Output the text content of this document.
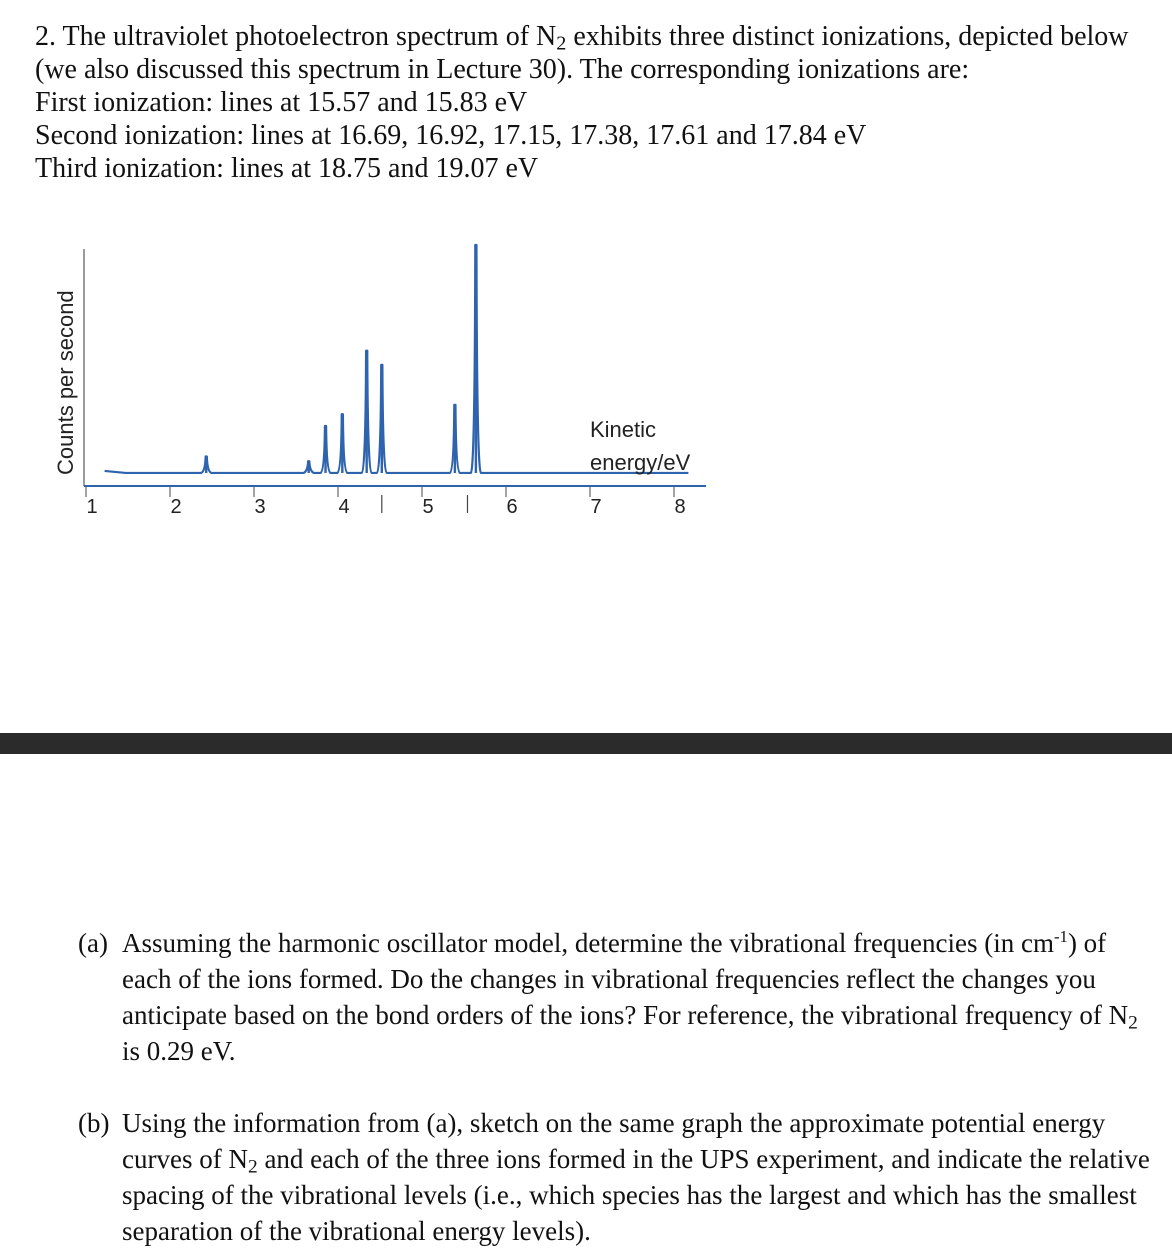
2. The ultraviolet photoelectron spectrum of $N_2$ exhibits three distinct ionizations, depicted below (we also discussed this spectrum in Lecture 30). The corresponding ionizations are:

First ionization: lines at 15.57 and 15.83 eV

Second ionization: lines at 16.69, 16.92, 17.15, 17.38, 17.61 and 17.84 eV

Third ionization: lines at 18.75 and 19.07 eV

Counts per second
1	2	3	4	5	6	7	8
Kinetic
energy/eV
(a) Assuming the harmonic oscillator model, determine the vibrational frequencies (in $cm^{-1}$) of each of the ions formed. Do the changes in vibrational frequencies reflect the changes you anticipate based on the bond orders of the ions? For reference, the vibrational frequency of $N_2$ is 0.29 eV.
(b) Using the information from (a), sketch on the same graph the approximate potential energy curves of $N_2$ and each of the three ions formed in the UPS experiment, and indicate the relative spacing of the vibrational levels (i.e., which species has the largest and which has the smallest separation of the vibrational energy levels).
